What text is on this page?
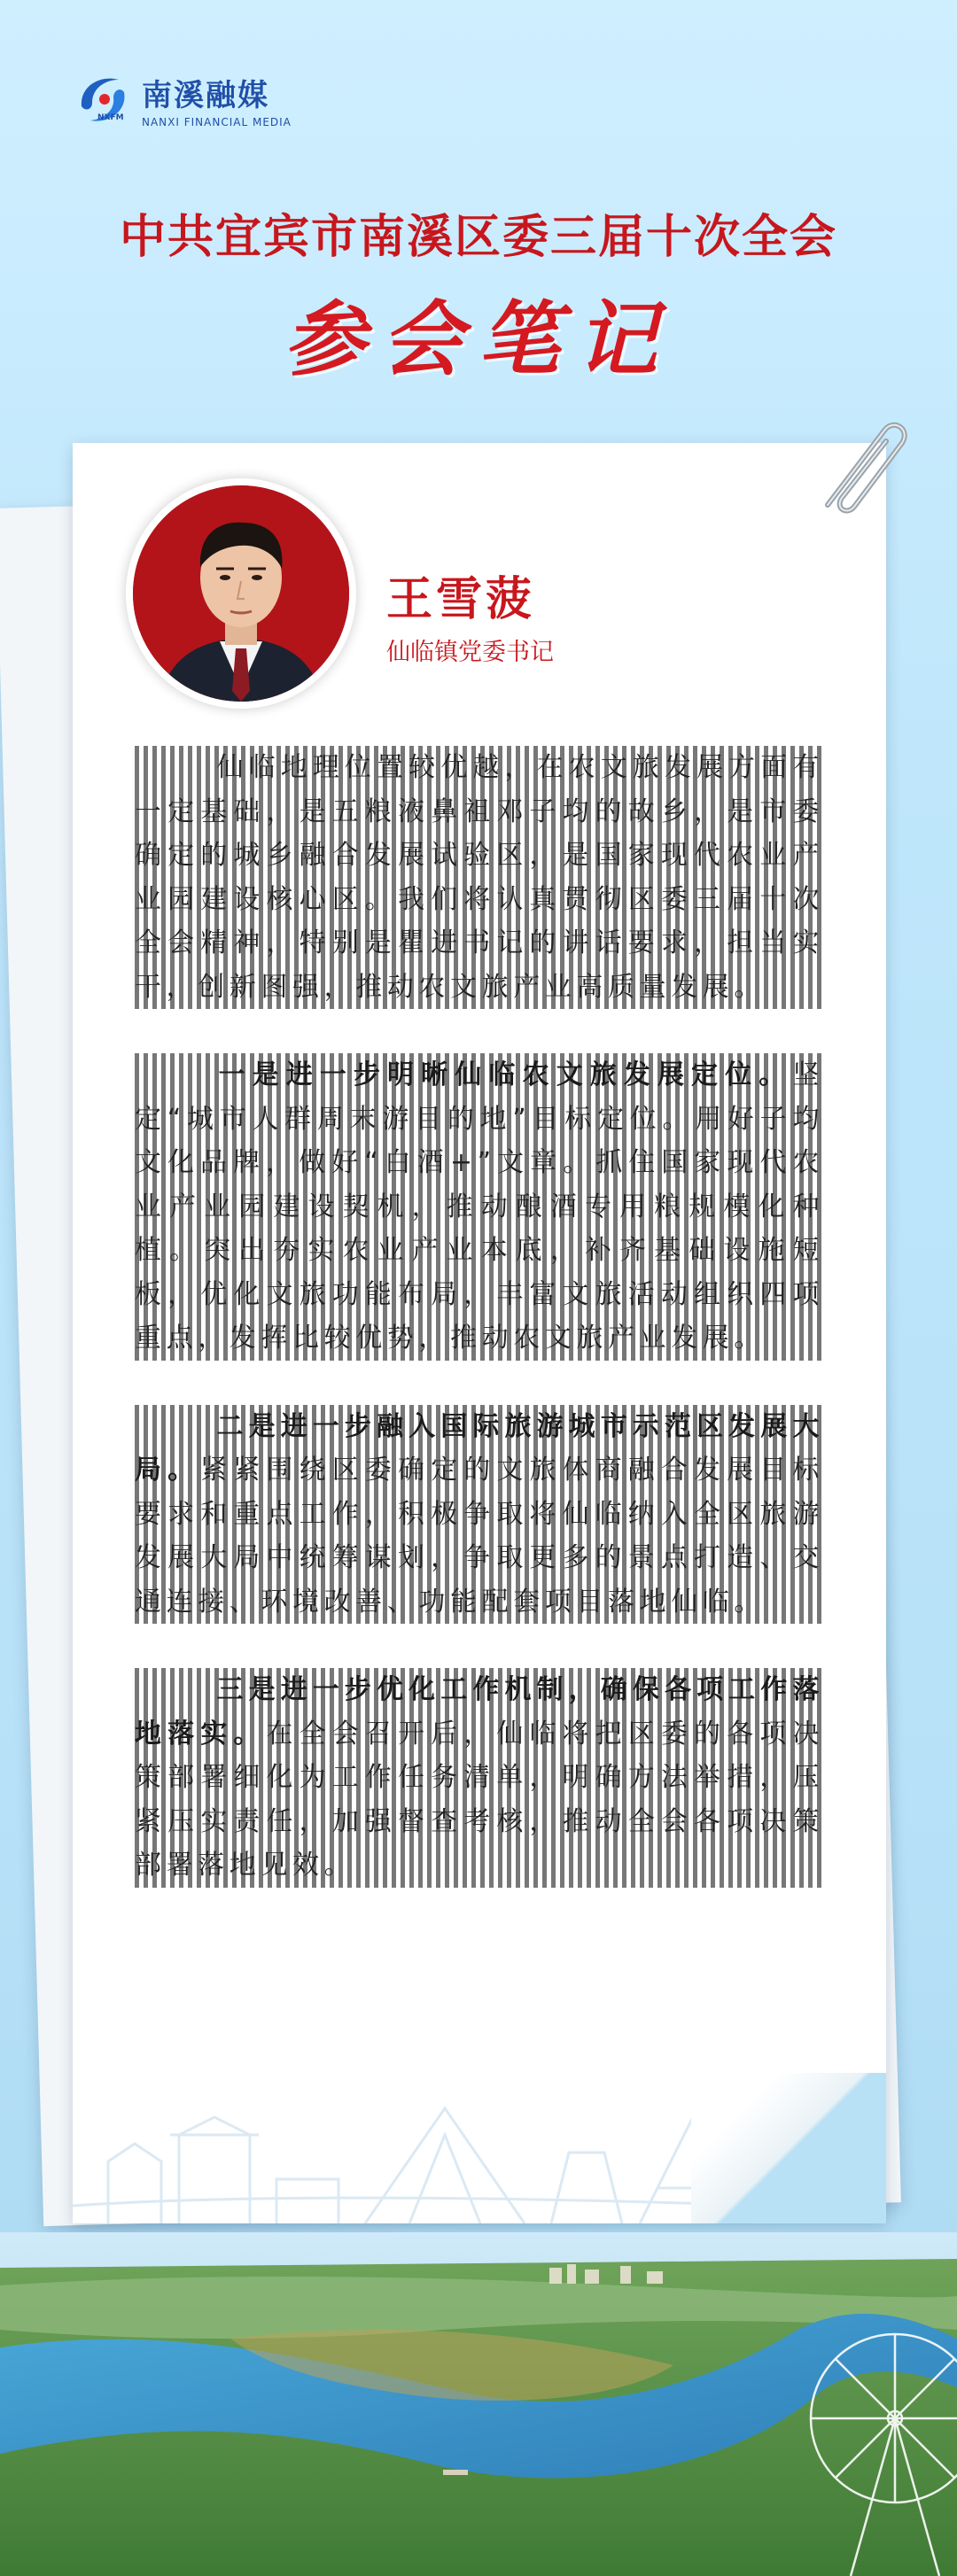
NXFM
南溪融媒
NANXI FINANCIAL MEDIA
中共宜宾市南溪区委三届十次全会
参会笔记
王雪菠
仙临镇党委书记
仙临地理位置较优越，在农文旅发展方面有一定基础，是五粮液鼻祖邓子均的故乡，是市委确定的城乡融合发展试验区，是国家现代农业产业园建设核心区。我们将认真贯彻区委三届十次全会精神，特别是瞿进书记的讲话要求，担当实干，创新图强，推动农文旅产业高质量发展。
一是进一步明晰仙临农文旅发展定位。坚定“城市人群周末游目的地”目标定位。用好子均文化品牌，做好“白酒+”文章。抓住国家现代农业产业园建设契机，推动酿酒专用粮规模化种植。突出夯实农业产业本底，补齐基础设施短板，优化文旅功能布局，丰富文旅活动组织四项重点，发挥比较优势，推动农文旅产业发展。
二是进一步融入国际旅游城市示范区发展大局。紧紧围绕区委确定的文旅体商融合发展目标要求和重点工作，积极争取将仙临纳入全区旅游发展大局中统筹谋划，争取更多的景点打造、交通连接、环境改善、功能配套项目落地仙临。
三是进一步优化工作机制，确保各项工作落地落实。在全会召开后，仙临将把区委的各项决策部署细化为工作任务清单，明确方法举措，压紧压实责任，加强督查考核，推动全会各项决策部署落地见效。
